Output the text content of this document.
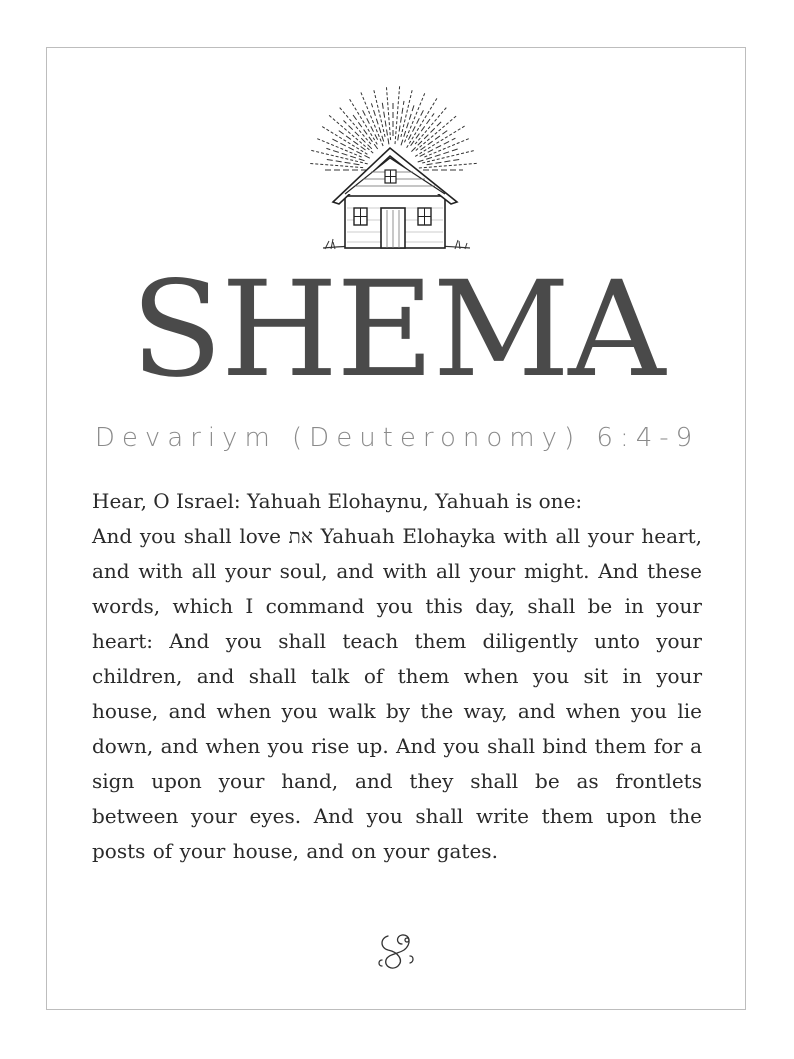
SHEMA
Devariym (Deuteronomy) 6:4-9

Hear, O Israel: Yahuah Elohaynu, Yahuah is one:

And you shall love את Yahuah Elohayka with all your heart, and with all your soul, and with all your might. And these words, which I command you this day, shall be in your heart: And you shall teach them diligently unto your children, and shall talk of them when you sit in your house, and when you walk by the way, and when you lie down, and when you rise up. And you shall bind them for a sign upon your hand, and they shall be as frontlets between your eyes. And you shall write them upon the posts of your house, and on your gates.
